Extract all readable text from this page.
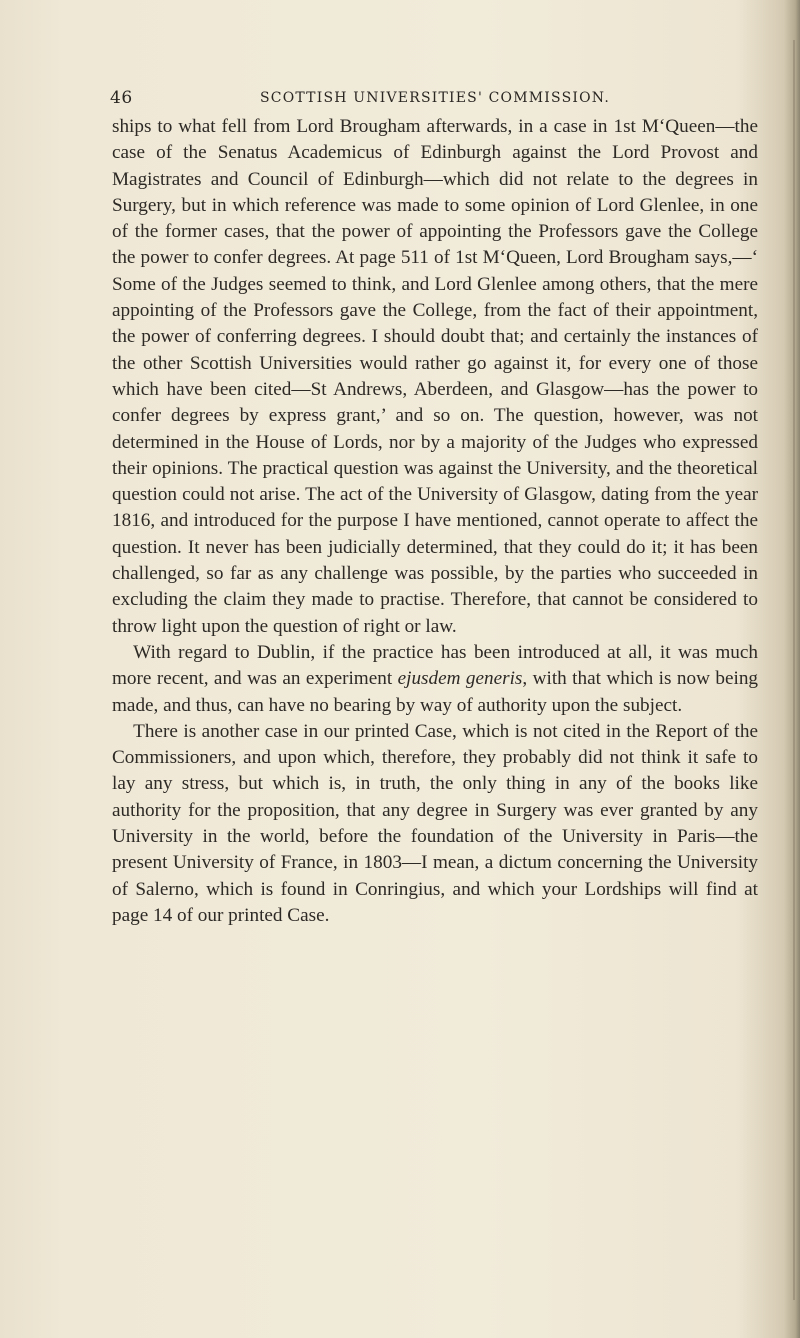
46	SCOTTISH UNIVERSITIES' COMMISSION.

ships to what fell from Lord Brougham afterwards, in a case in 1st M‘Queen—the case of the Senatus Academicus of Edinburgh against the Lord Provost and Magistrates and Council of Edinburgh—which did not relate to the degrees in Surgery, but in which reference was made to some opinion of Lord Glenlee, in one of the former cases, that the power of appointing the Professors gave the College the power to confer degrees. At page 511 of 1st M‘Queen, Lord Brougham says,—‘ Some of the Judges seemed to think, and Lord Glenlee among others, that the mere appointing of the Professors gave the College, from the fact of their appointment, the power of conferring degrees. I should doubt that; and certainly the instances of the other Scottish Universities would rather go against it, for every one of those which have been cited—St Andrews, Aberdeen, and Glasgow—has the power to confer degrees by express grant,’ and so on. The question, however, was not determined in the House of Lords, nor by a majority of the Judges who expressed their opinions. The practical question was against the University, and the theoretical question could not arise. The act of the University of Glasgow, dating from the year 1816, and introduced for the purpose I have mentioned, cannot operate to affect the question. It never has been judicially determined, that they could do it; it has been challenged, so far as any challenge was possible, by the parties who succeeded in excluding the claim they made to practise. Therefore, that cannot be considered to throw light upon the question of right or law.

With regard to Dublin, if the practice has been introduced at all, it was much more recent, and was an experiment ejusdem generis, with that which is now being made, and thus, can have no bearing by way of authority upon the subject.

There is another case in our printed Case, which is not cited in the Report of the Commissioners, and upon which, therefore, they probably did not think it safe to lay any stress, but which is, in truth, the only thing in any of the books like authority for the proposition, that any degree in Surgery was ever granted by any University in the world, before the foundation of the University in Paris—the present University of France, in 1803—I mean, a dictum concerning the University of Salerno, which is found in Conringius, and which your Lordships will find at page 14 of our printed Case.
